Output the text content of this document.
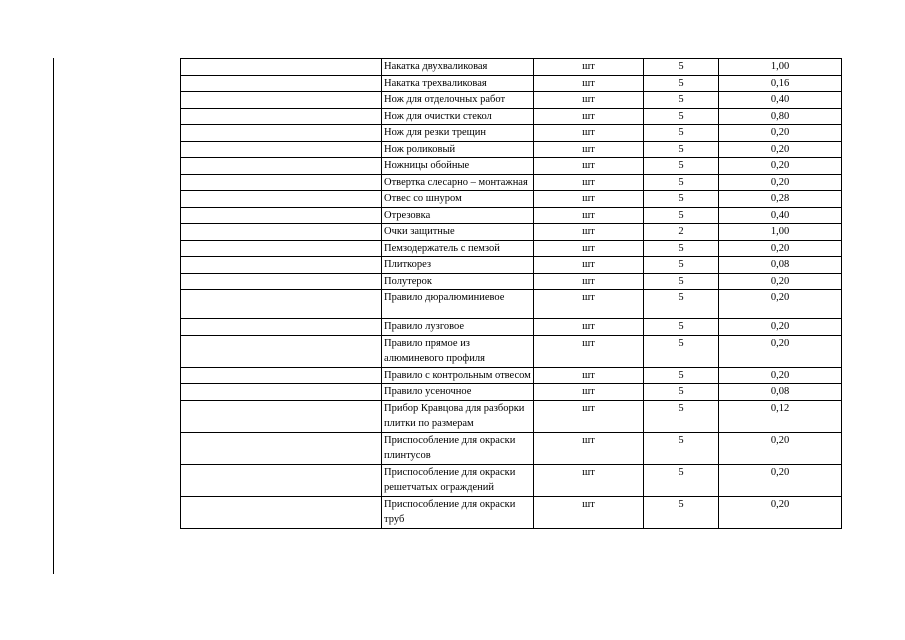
	Накатка двухваликовая	шт	5	1,00
	Накатка трехваликовая	шт	5	0,16
	Нож для отделочных работ	шт	5	0,40
	Нож для очистки стекол	шт	5	0,80
	Нож для резки трещин	шт	5	0,20
	Нож роликовый	шт	5	0,20
	Ножницы обойные	шт	5	0,20
	Отвертка слесарно – монтажная	шт	5	0,20
	Отвес со шнуром	шт	5	0,28
	Отрезовка	шт	5	0,40
	Очки защитные	шт	2	1,00
	Пемзодержатель с пемзой	шт	5	0,20
	Плиткорез	шт	5	0,08
	Полутерок	шт	5	0,20
	Правило дюралюминиевое	шт	5	0,20
	Правило лузговое	шт	5	0,20
	Правило прямое из алюминевого профиля	шт	5	0,20
	Правило с контрольным отвесом	шт	5	0,20
	Правило усеночное	шт	5	0,08
	Прибор Кравцова для разборки плитки по размерам	шт	5	0,12
	Приспособление для окраски плинтусов	шт	5	0,20
	Приспособление для окраски решетчатых ограждений	шт	5	0,20
	Приспособление для окраски труб	шт	5	0,20
